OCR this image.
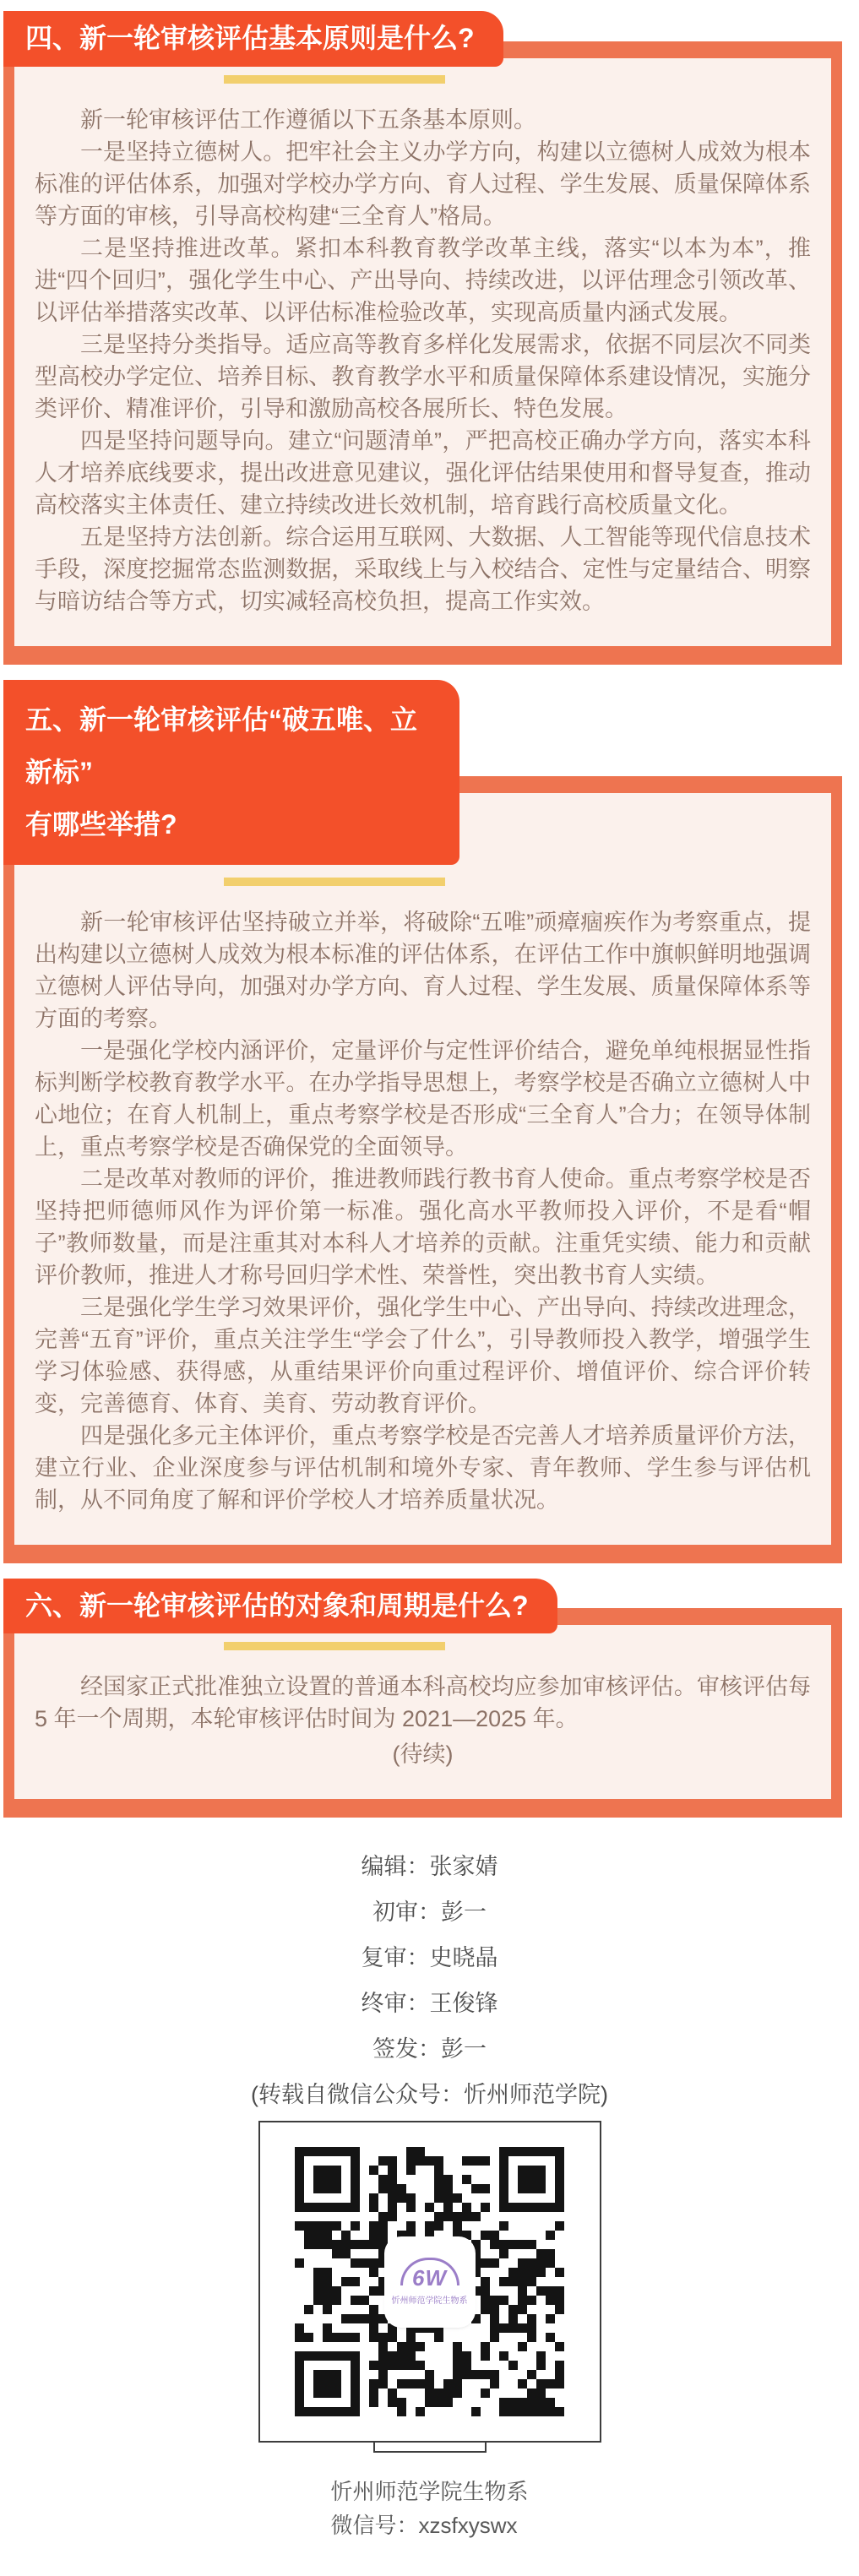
四、新一轮审核评估基本原则是什么?

新一轮审核评估工作遵循以下五条基本原则。

一是坚持立德树人。把牢社会主义办学方向，构建以立德树人成效为根本标准的评估体系，加强对学校办学方向、育人过程、学生发展、质量保障体系等方面的审核，引导高校构建“三全育人”格局。

二是坚持推进改革。紧扣本科教育教学改革主线，落实“以本为本”，推进“四个回归”，强化学生中心、产出导向、持续改进，以评估理念引领改革、以评估举措落实改革、以评估标准检验改革，实现高质量内涵式发展。

三是坚持分类指导。适应高等教育多样化发展需求，依据不同层次不同类型高校办学定位、培养目标、教育教学水平和质量保障体系建设情况，实施分类评价、精准评价，引导和激励高校各展所长、特色发展。

四是坚持问题导向。建立“问题清单”，严把高校正确办学方向，落实本科人才培养底线要求，提出改进意见建议，强化评估结果使用和督导复查，推动高校落实主体责任、建立持续改进长效机制，培育践行高校质量文化。

五是坚持方法创新。综合运用互联网、大数据、人工智能等现代信息技术手段，深度挖掘常态监测数据，采取线上与入校结合、定性与定量结合、明察与暗访结合等方式，切实减轻高校负担，提高工作实效。

五、新一轮审核评估“破五唯、立新标”
有哪些举措?

新一轮审核评估坚持破立并举，将破除“五唯”顽瘴痼疾作为考察重点，提出构建以立德树人成效为根本标准的评估体系，在评估工作中旗帜鲜明地强调立德树人评估导向，加强对办学方向、育人过程、学生发展、质量保障体系等方面的考察。

一是强化学校内涵评价，定量评价与定性评价结合，避免单纯根据显性指标判断学校教育教学水平。在办学指导思想上，考察学校是否确立立德树人中心地位；在育人机制上，重点考察学校是否形成“三全育人”合力；在领导体制上，重点考察学校是否确保党的全面领导。

二是改革对教师的评价，推进教师践行教书育人使命。重点考察学校是否坚持把师德师风作为评价第一标准。强化高水平教师投入评价，不是看“帽子”教师数量，而是注重其对本科人才培养的贡献。注重凭实绩、能力和贡献评价教师，推进人才称号回归学术性、荣誉性，突出教书育人实绩。

三是强化学生学习效果评价，强化学生中心、产出导向、持续改进理念，完善“五育”评价，重点关注学生“学会了什么”，引导教师投入教学，增强学生学习体验感、获得感，从重结果评价向重过程评价、增值评价、综合评价转变，完善德育、体育、美育、劳动教育评价。

四是强化多元主体评价，重点考察学校是否完善人才培养质量评价方法，建立行业、企业深度参与评估机制和境外专家、青年教师、学生参与评估机制，从不同角度了解和评价学校人才培养质量状况。

六、新一轮审核评估的对象和周期是什么?

经国家正式批准独立设置的普通本科高校均应参加审核评估。审核评估每 5 年一个周期，本轮审核评估时间为 2021—2025 年。

(待续)

编辑：张家婧
初审：彭一
复审：史晓晶
终审：王俊锋
签发：彭一
(转载自微信公众号：忻州师范学院)
6W
忻州师范学院生物系
忻州师范学院生物系
微信号：xzsfxyswx
